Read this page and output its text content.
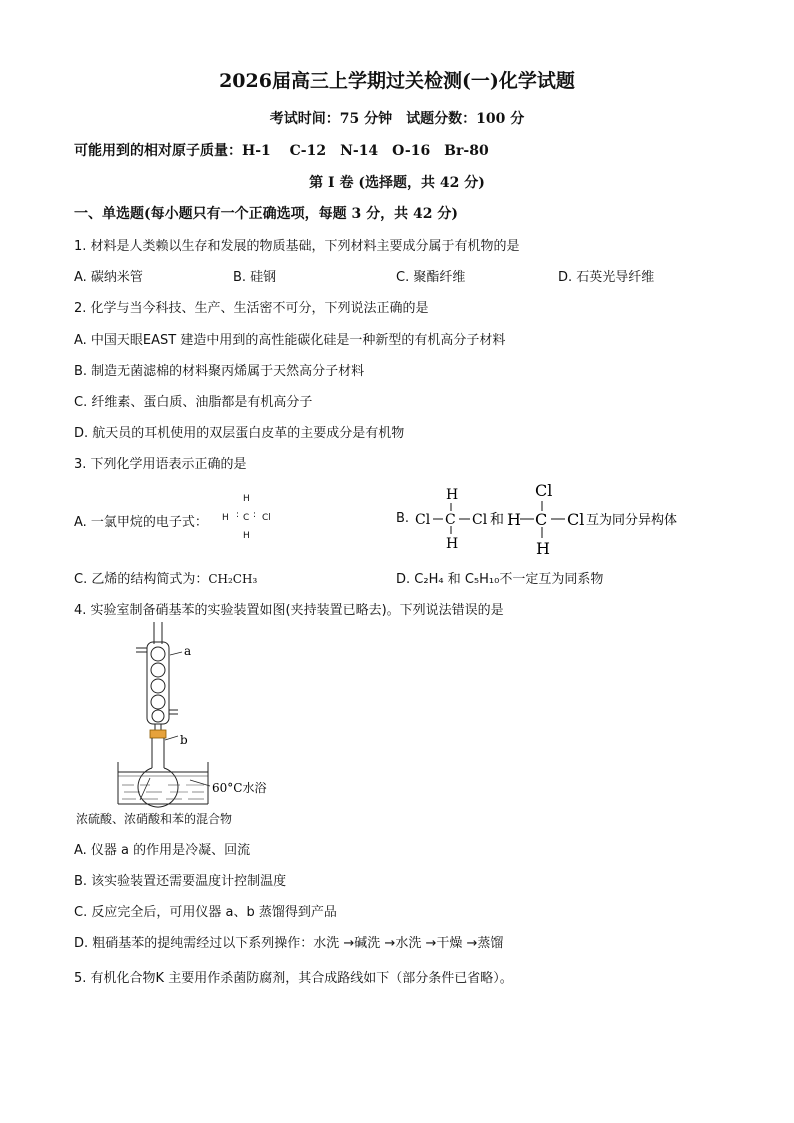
2026届高三上学期过关检测(一)化学试题
考试时间：75 分钟　试题分数：100 分
可能用到的相对原子质量：H-1　 C-12　N-14　O-16　Br-80
第 I 卷 (选择题，共 42 分)
一、单选题(每小题只有一个正确选项，每题 3 分，共 42 分)
1. 材料是人类赖以生存和发展的物质基础，下列材料主要成分属于有机物的是
A. 碳纳米管	B. 硅钢	C. 聚酯纤维	D. 石英光导纤维
2. 化学与当今科技、生产、生活密不可分，下列说法正确的是
A. 中国天眼EAST 建造中用到的高性能碳化硅是一种新型的有机高分子材料
B. 制造无菌滤棉的材料聚丙烯属于天然高分子材料
C. 纤维素、蛋白质、油脂都是有机高分子
D. 航天员的耳机使用的双层蛋白皮革的主要成分是有机物
3. 下列化学用语表示正确的是
A. 一氯甲烷的电子式：
H
H : C : Cl
H
B.
H
Cl C Cl
H
和 H
Cl
C Cl
H
互为同分异构体
C. 乙烯的结构简式为：CH₂CH₃	D. C₂H₄ 和 C₅H₁₀不一定互为同系物
4. 实验室制备硝基苯的实验装置如图(夹持装置已略去)。下列说法错误的是
a
b
60°C水浴
浓硫酸、浓硝酸和苯的混合物
A. 仪器 a 的作用是冷凝、回流
B. 该实验装置还需要温度计控制温度
C. 反应完全后，可用仪器 a、b 蒸馏得到产品
D. 粗硝基苯的提纯需经过以下系列操作：水洗 →碱洗 →水洗 →干燥 →蒸馏
5. 有机化合物K 主要用作杀菌防腐剂，其合成路线如下（部分条件已省略）。
